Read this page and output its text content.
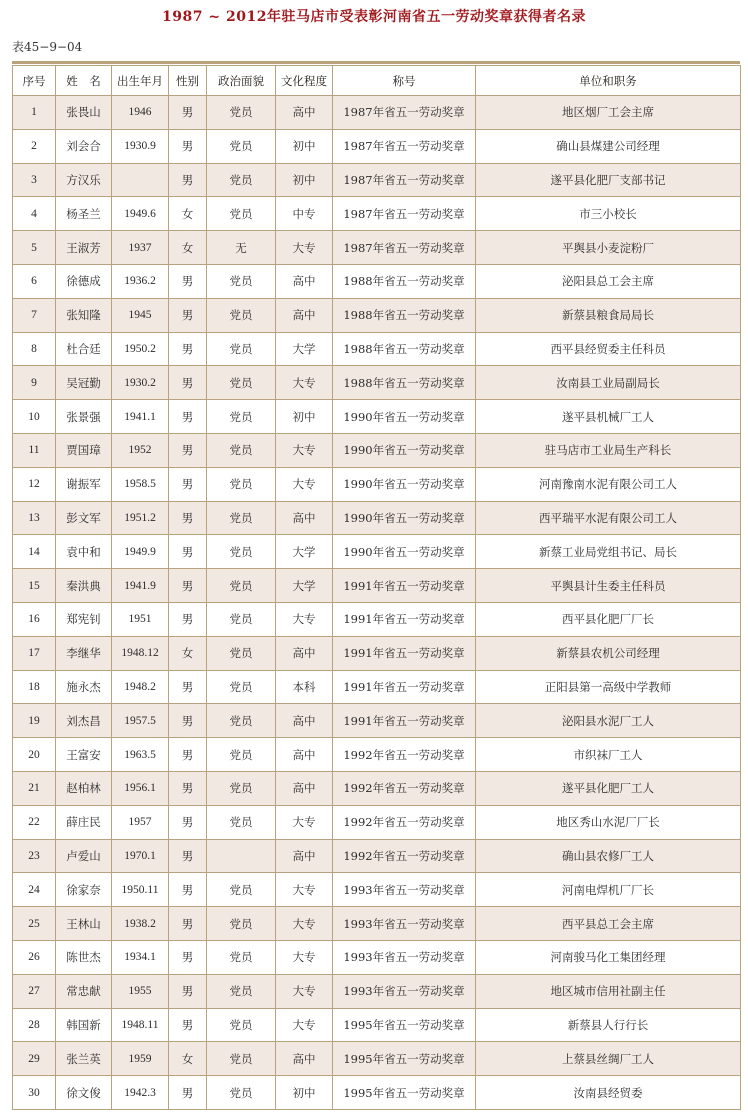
1987 ~ 2012年驻马店市受表彰河南省五一劳动奖章获得者名录
表45−9−04
序号	姓　名	出生年月	性别	政治面貌	文化程度	称号	单位和职务
1	张畏山	1946	男	党员	高中	1987年省五一劳动奖章	地区烟厂工会主席
2	刘会合	1930.9	男	党员	初中	1987年省五一劳动奖章	确山县煤建公司经理
3	方汉乐		男	党员	初中	1987年省五一劳动奖章	遂平县化肥厂支部书记
4	杨圣兰	1949.6	女	党员	中专	1987年省五一劳动奖章	市三小校长
5	王淑芳	1937	女	无	大专	1987年省五一劳动奖章	平舆县小麦淀粉厂
6	徐德成	1936.2	男	党员	高中	1988年省五一劳动奖章	泌阳县总工会主席
7	张知隆	1945	男	党员	高中	1988年省五一劳动奖章	新蔡县粮食局局长
8	杜合廷	1950.2	男	党员	大学	1988年省五一劳动奖章	西平县经贸委主任科员
9	吴冠勤	1930.2	男	党员	大专	1988年省五一劳动奖章	汝南县工业局副局长
10	张景强	1941.1	男	党员	初中	1990年省五一劳动奖章	遂平县机械厂工人
11	贾国璋	1952	男	党员	大专	1990年省五一劳动奖章	驻马店市工业局生产科长
12	谢振军	1958.5	男	党员	大专	1990年省五一劳动奖章	河南豫南水泥有限公司工人
13	彭文军	1951.2	男	党员	高中	1990年省五一劳动奖章	西平瑞平水泥有限公司工人
14	袁中和	1949.9	男	党员	大学	1990年省五一劳动奖章	新蔡工业局党组书记、局长
15	秦洪典	1941.9	男	党员	大学	1991年省五一劳动奖章	平舆县计生委主任科员
16	郑宪钊	1951	男	党员	大专	1991年省五一劳动奖章	西平县化肥厂厂长
17	李继华	1948.12	女	党员	高中	1991年省五一劳动奖章	新蔡县农机公司经理
18	施永杰	1948.2	男	党员	本科	1991年省五一劳动奖章	正阳县第一高级中学教师
19	刘杰昌	1957.5	男	党员	高中	1991年省五一劳动奖章	泌阳县水泥厂工人
20	王富安	1963.5	男	党员	高中	1992年省五一劳动奖章	市织袜厂工人
21	赵柏林	1956.1	男	党员	高中	1992年省五一劳动奖章	遂平县化肥厂工人
22	薛庄民	1957	男	党员	大专	1992年省五一劳动奖章	地区秀山水泥厂厂长
23	卢爱山	1970.1	男		高中	1992年省五一劳动奖章	确山县农修厂工人
24	徐家奈	1950.11	男	党员	大专	1993年省五一劳动奖章	河南电焊机厂厂长
25	王林山	1938.2	男	党员	大专	1993年省五一劳动奖章	西平县总工会主席
26	陈世杰	1934.1	男	党员	大专	1993年省五一劳动奖章	河南骏马化工集团经理
27	常忠献	1955	男	党员	大专	1993年省五一劳动奖章	地区城市信用社副主任
28	韩国新	1948.11	男	党员	大专	1995年省五一劳动奖章	新蔡县人行行长
29	张兰英	1959	女	党员	高中	1995年省五一劳动奖章	上蔡县丝绸厂工人
30	徐文俊	1942.3	男	党员	初中	1995年省五一劳动奖章	汝南县经贸委
